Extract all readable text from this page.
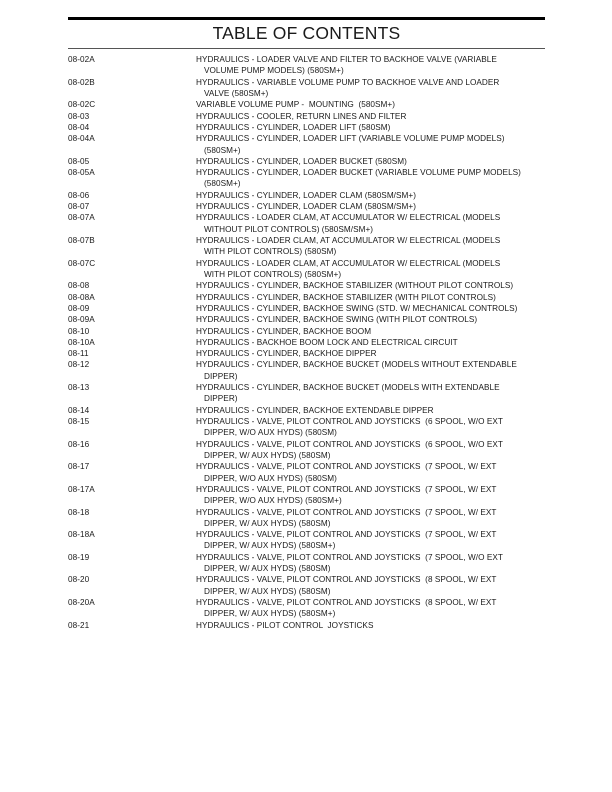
TABLE OF CONTENTS
08-02A	HYDRAULICS - LOADER VALVE AND FILTER TO BACKHOE VALVE (VARIABLE
VOLUME PUMP MODELS) (580SM+)
08-02B	HYDRAULICS - VARIABLE VOLUME PUMP TO BACKHOE VALVE AND LOADER
VALVE (580SM+)
08-02C	VARIABLE VOLUME PUMP -  MOUNTING  (580SM+)
08-03	HYDRAULICS - COOLER, RETURN LINES AND FILTER
08-04	HYDRAULICS - CYLINDER, LOADER LIFT (580SM)
08-04A	HYDRAULICS - CYLINDER, LOADER LIFT (VARIABLE VOLUME PUMP MODELS)
(580SM+)
08-05	HYDRAULICS - CYLINDER, LOADER BUCKET (580SM)
08-05A	HYDRAULICS - CYLINDER, LOADER BUCKET (VARIABLE VOLUME PUMP MODELS)
(580SM+)
08-06	HYDRAULICS - CYLINDER, LOADER CLAM (580SM/SM+)
08-07	HYDRAULICS - CYLINDER, LOADER CLAM (580SM/SM+)
08-07A	HYDRAULICS - LOADER CLAM, AT ACCUMULATOR W/ ELECTRICAL (MODELS
WITHOUT PILOT CONTROLS) (580SM/SM+)
08-07B	HYDRAULICS - LOADER CLAM, AT ACCUMULATOR W/ ELECTRICAL (MODELS
WITH PILOT CONTROLS) (580SM)
08-07C	HYDRAULICS - LOADER CLAM, AT ACCUMULATOR W/ ELECTRICAL (MODELS
WITH PILOT CONTROLS) (580SM+)
08-08	HYDRAULICS - CYLINDER, BACKHOE STABILIZER (WITHOUT PILOT CONTROLS)
08-08A	HYDRAULICS - CYLINDER, BACKHOE STABILIZER (WITH PILOT CONTROLS)
08-09	HYDRAULICS - CYLINDER, BACKHOE SWING (STD. W/ MECHANICAL CONTROLS)
08-09A	HYDRAULICS - CYLINDER, BACKHOE SWING (WITH PILOT CONTROLS)
08-10	HYDRAULICS - CYLINDER, BACKHOE BOOM
08-10A	HYDRAULICS - BACKHOE BOOM LOCK AND ELECTRICAL CIRCUIT
08-11	HYDRAULICS - CYLINDER, BACKHOE DIPPER
08-12	HYDRAULICS - CYLINDER, BACKHOE BUCKET (MODELS WITHOUT EXTENDABLE
DIPPER)
08-13	HYDRAULICS - CYLINDER, BACKHOE BUCKET (MODELS WITH EXTENDABLE
DIPPER)
08-14	HYDRAULICS - CYLINDER, BACKHOE EXTENDABLE DIPPER
08-15	HYDRAULICS - VALVE, PILOT CONTROL AND JOYSTICKS  (6 SPOOL, W/O EXT
DIPPER, W/O AUX HYDS) (580SM)
08-16	HYDRAULICS - VALVE, PILOT CONTROL AND JOYSTICKS  (6 SPOOL, W/O EXT
DIPPER, W/ AUX HYDS) (580SM)
08-17	HYDRAULICS - VALVE, PILOT CONTROL AND JOYSTICKS  (7 SPOOL, W/ EXT
DIPPER, W/O AUX HYDS) (580SM)
08-17A	HYDRAULICS - VALVE, PILOT CONTROL AND JOYSTICKS  (7 SPOOL, W/ EXT
DIPPER, W/O AUX HYDS) (580SM+)
08-18	HYDRAULICS - VALVE, PILOT CONTROL AND JOYSTICKS  (7 SPOOL, W/ EXT
DIPPER, W/ AUX HYDS) (580SM)
08-18A	HYDRAULICS - VALVE, PILOT CONTROL AND JOYSTICKS  (7 SPOOL, W/ EXT
DIPPER, W/ AUX HYDS) (580SM+)
08-19	HYDRAULICS - VALVE, PILOT CONTROL AND JOYSTICKS  (7 SPOOL, W/O EXT
DIPPER, W/ AUX HYDS) (580SM)
08-20	HYDRAULICS - VALVE, PILOT CONTROL AND JOYSTICKS  (8 SPOOL, W/ EXT
DIPPER, W/ AUX HYDS) (580SM)
08-20A	HYDRAULICS - VALVE, PILOT CONTROL AND JOYSTICKS  (8 SPOOL, W/ EXT
DIPPER, W/ AUX HYDS) (580SM+)
08-21	HYDRAULICS - PILOT CONTROL  JOYSTICKS
